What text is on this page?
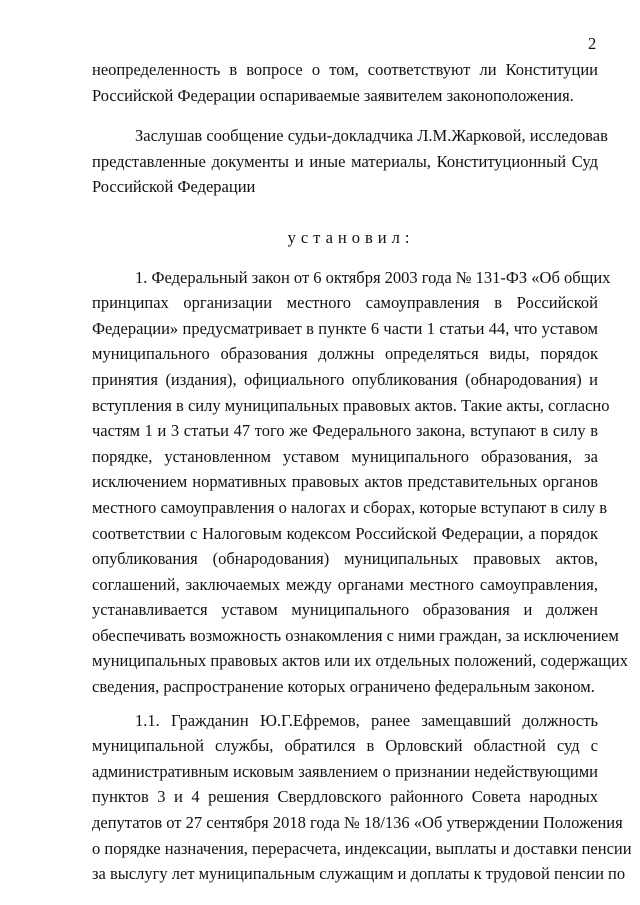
2
неопределенность в вопросе о том, соответствуют ли Конституции
Российской Федерации оспариваемые заявителем законоположения.
Заслушав сообщение судьи-докладчика Л.М.Жарковой, исследовав
представленные документы и иные материалы, Конституционный Суд
Российской Федерации
установил:
1. Федеральный закон от 6 октября 2003 года № 131-ФЗ «Об общих
принципах организации местного самоуправления в Российской
Федерации» предусматривает в пункте 6 части 1 статьи 44, что уставом
муниципального образования должны определяться виды, порядок
принятия (издания), официального опубликования (обнародования) и
вступления в силу муниципальных правовых актов. Такие акты, согласно
частям 1 и 3 статьи 47 того же Федерального закона, вступают в силу в
порядке, установленном уставом муниципального образования, за
исключением нормативных правовых актов представительных органов
местного самоуправления о налогах и сборах, которые вступают в силу в
соответствии с Налоговым кодексом Российской Федерации, а порядок
опубликования (обнародования) муниципальных правовых актов,
соглашений, заключаемых между органами местного самоуправления,
устанавливается уставом муниципального образования и должен
обеспечивать возможность ознакомления с ними граждан, за исключением
муниципальных правовых актов или их отдельных положений, содержащих
сведения, распространение которых ограничено федеральным законом.
1.1. Гражданин Ю.Г.Ефремов, ранее замещавший должность
муниципальной службы, обратился в Орловский областной суд с
административным исковым заявлением о признании недействующими
пунктов 3 и 4 решения Свердловского районного Совета народных
депутатов от 27 сентября 2018 года № 18/136 «Об утверждении Положения
о порядке назначения, перерасчета, индексации, выплаты и доставки пенсии
за выслугу лет муниципальным служащим и доплаты к трудовой пенсии по
